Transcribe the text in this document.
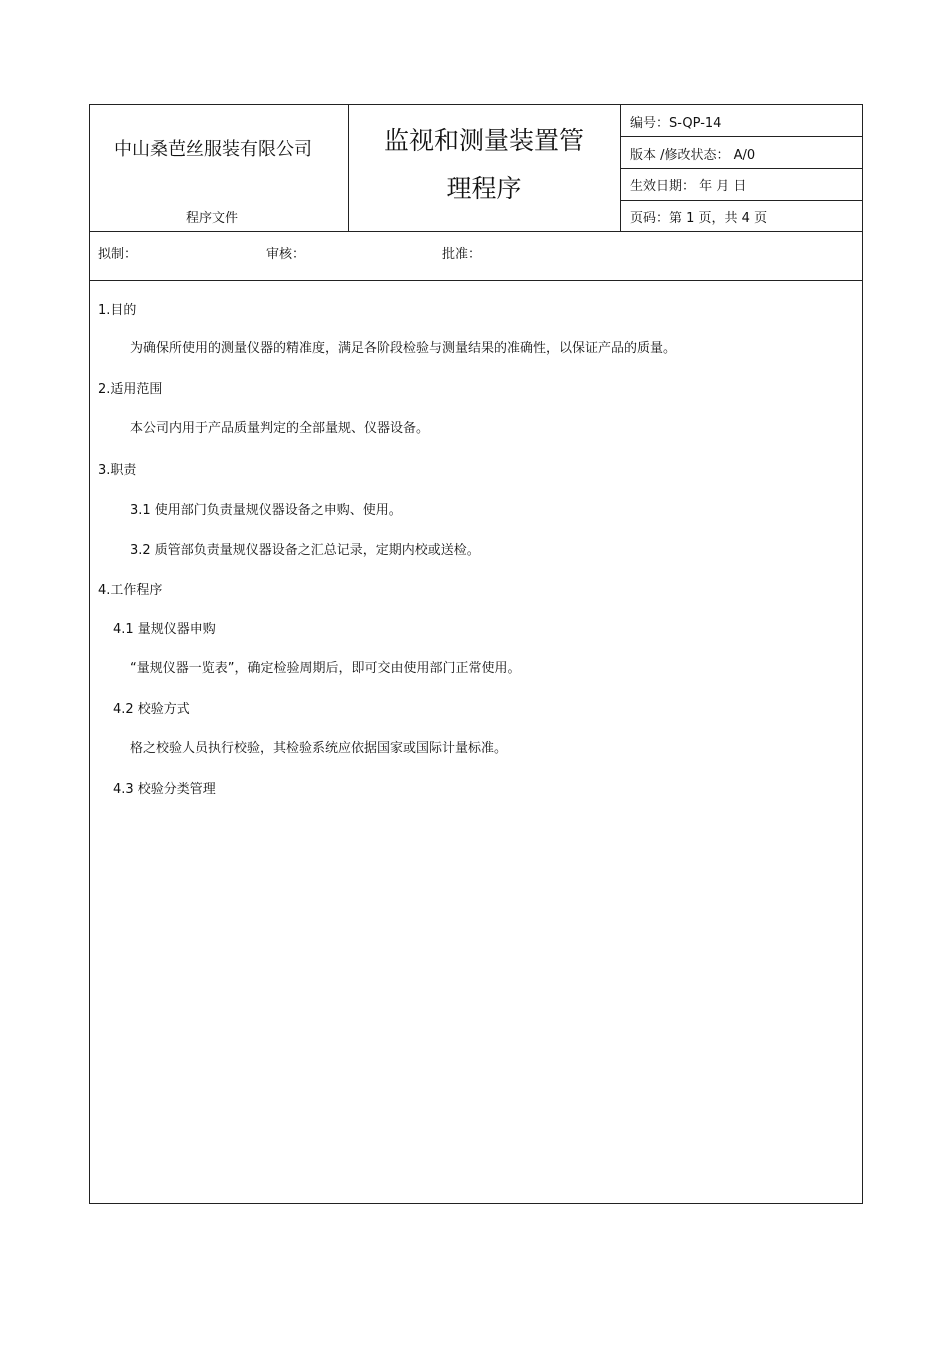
中山桑芭丝服装有限公司
程序文件
监视和测量装置管
理程序
编号：S-QP-14
版本 /修改状态： A/0
生效日期： 年 月 日
页码：第 1 页，共 4 页
拟制：	审核：	批准：
1.目的
为确保所使用的测量仪器的精准度，满足各阶段检验与测量结果的准确性，以保证产品的质量。
2.适用范围
本公司内用于产品质量判定的全部量规、仪器设备。
3.职责
3.1 使用部门负责量规仪器设备之申购、使用。
3.2 质管部负责量规仪器设备之汇总记录，定期内校或送检。
4.工作程序
4.1 量规仪器申购
“量规仪器一览表”，确定检验周期后，即可交由使用部门正常使用。
4.2 校验方式
格之校验人员执行校验，其检验系统应依据国家或国际计量标准。
4.3 校验分类管理
